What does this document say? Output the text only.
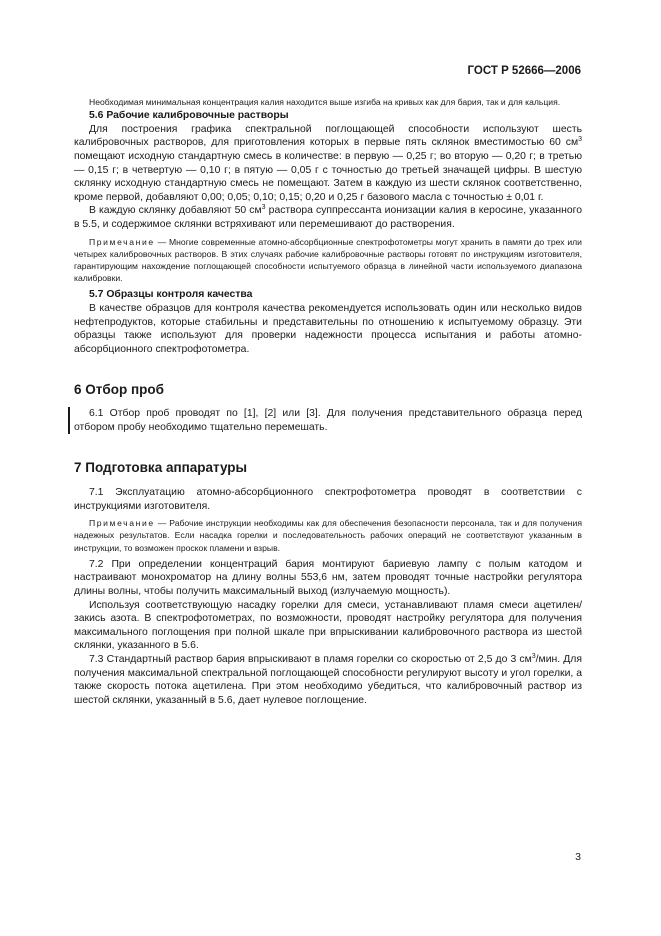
ГОСТ Р 52666—2006

Необходимая минимальная концентрация калия находится выше изгиба на кривых как для бария, так и для кальция.

5.6 Рабочие калибровочные растворы

Для построения графика спектральной поглощающей способности используют шесть калибровочных растворов, для приготовления которых в первые пять склянок вместимостью 60 $см^3$ помещают исходную стандартную смесь в количестве: в первую — 0,25 г; во вторую — 0,20 г; в третью — 0,15 г; в четвертую — 0,10 г; в пятую — 0,05 г с точностью до третьей значащей цифры. В шестую склянку исходную стандартную смесь не помещают. Затем в каждую из шести склянок соответственно, кроме первой, добавляют 0,00; 0,05; 0,10; 0,15; 0,20 и 0,25 г базового масла с точностью ± 0,01 г.

В каждую склянку добавляют 50 $см^3$ раствора суппрессанта ионизации калия в керосине, указанного в 5.5, и содержимое склянки встряхивают или перемешивают до растворения.

Примечание — Многие современные атомно-абсорбционные спектрофотометры могут хранить в памяти до трех или четырех калибровочных растворов. В этих случаях рабочие калибровочные растворы готовят по инструкциям изготовителя, гарантирующим нахождение поглощающей способности испытуемого образца в линейной части используемого диапазона калибровки.

5.7 Образцы контроля качества

В качестве образцов для контроля качества рекомендуется использовать один или несколько видов нефтепродуктов, которые стабильны и представительны по отношению к испытуемому образцу. Эти образцы также используют для проверки надежности процесса испытания и работы атомно-абсорбционного спектрофотометра.

6 Отбор проб

6.1 Отбор проб проводят по [1], [2] или [3]. Для получения представительного образца перед отбором пробу необходимо тщательно перемешать.

7 Подготовка аппаратуры

7.1 Эксплуатацию атомно-абсорбционного спектрофотометра проводят в соответствии с инструкциями изготовителя.

Примечание — Рабочие инструкции необходимы как для обеспечения безопасности персонала, так и для получения надежных результатов. Если насадка горелки и последовательность рабочих операций не соответствуют указанным в инструкции, то возможен проскок пламени и взрыв.

7.2 При определении концентраций бария монтируют бариевую лампу с полым катодом и настраивают монохроматор на длину волны 553,6 нм, затем проводят точные настройки регулятора длины волны, чтобы получить максимальный выход (излучаемую мощность).

Используя соответствующую насадку горелки для смеси, устанавливают пламя смеси ацетилен/закись азота. В спектрофотометрах, по возможности, проводят настройку регулятора для получения максимального поглощения при полной шкале при впрыскивании калибровочного раствора из шестой склянки, указанного в 5.6.

7.3 Стандартный раствор бария впрыскивают в пламя горелки со скоростью от 2,5 до 3 $см^3$/мин. Для получения максимальной спектральной поглощающей способности регулируют высоту и угол горелки, а также скорость потока ацетилена. При этом необходимо убедиться, что калибровочный раствор из шестой склянки, указанный в 5.6, дает нулевое поглощение.

3
